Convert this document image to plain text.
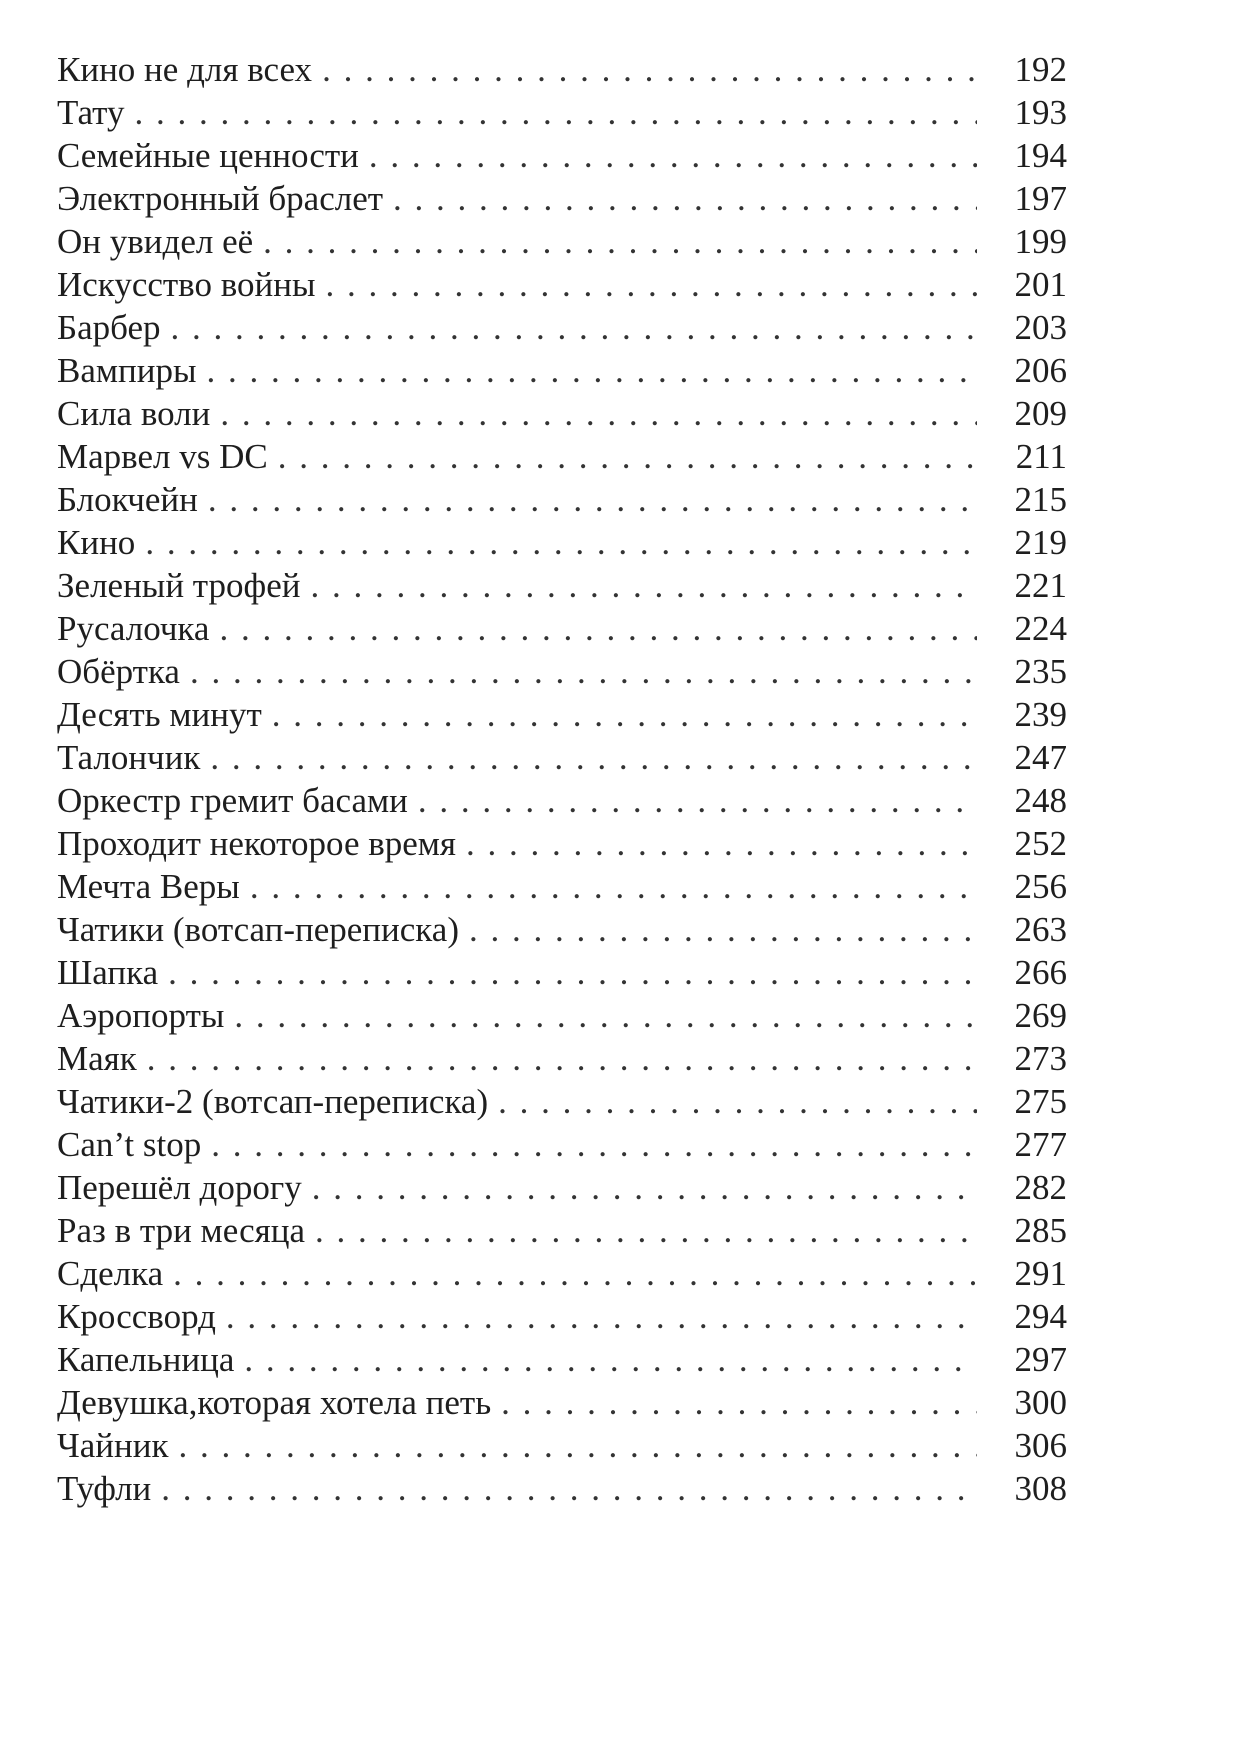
Кино не для всех . . .	192
Тату . . .	193
Семейные ценности . . .	194
Электронный браслет . . .	197
Он увидел её . . .	199
Искусство войны . . .	201
Барбер . . .	203
Вампиры . . .	206
Сила воли . . .	209
Марвел vs DC . . .	211
Блокчейн . . .	215
Кино . . .	219
Зеленый трофей . . .	221
Русалочка . . .	224
Обёртка . . .	235
Десять минут . . .	239
Талончик . . .	247
Оркестр гремит басами . . .	248
Проходит некоторое время . . .	252
Мечта Веры . . .	256
Чатики (вотсап-переписка) . . .	263
Шапка . . .	266
Аэропорты . . .	269
Маяк . . .	273
Чатики-2 (вотсап-переписка) . . .	275
Can’t stop . . .	277
Перешёл дорогу . . .	282
Раз в три месяца . . .	285
Сделка . . .	291
Кроссворд . . .	294
Капельница . . .	297
Девушка,которая хотела петь . . .	300
Чайник . . .	306
Туфли . . .	308
